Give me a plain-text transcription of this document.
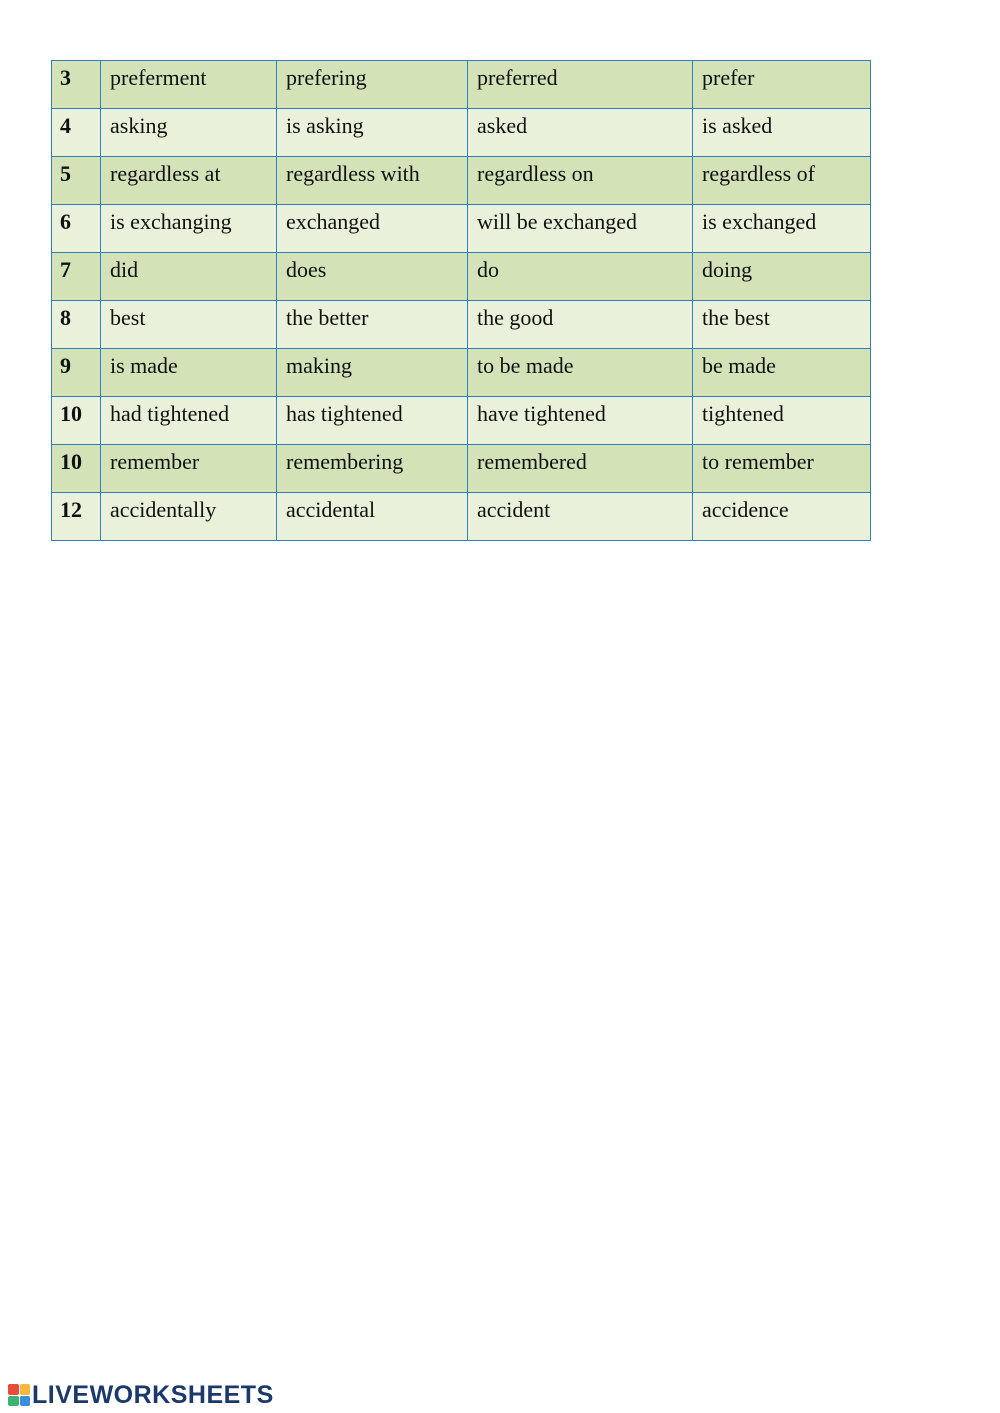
3	preferment	prefering	preferred	prefer
4	asking	is asking	asked	is asked
5	regardless at	regardless with	regardless on	regardless of
6	is exchanging	exchanged	will be exchanged	is exchanged
7	did	does	do	doing
8	best	the better	the good	the best
9	is made	making	to be made	be made
10	had tightened	has tightened	have tightened	tightened
10	remember	remembering	remembered	to remember
12	accidentally	accidental	accident	accidence
LIVEWORKSHEETS
